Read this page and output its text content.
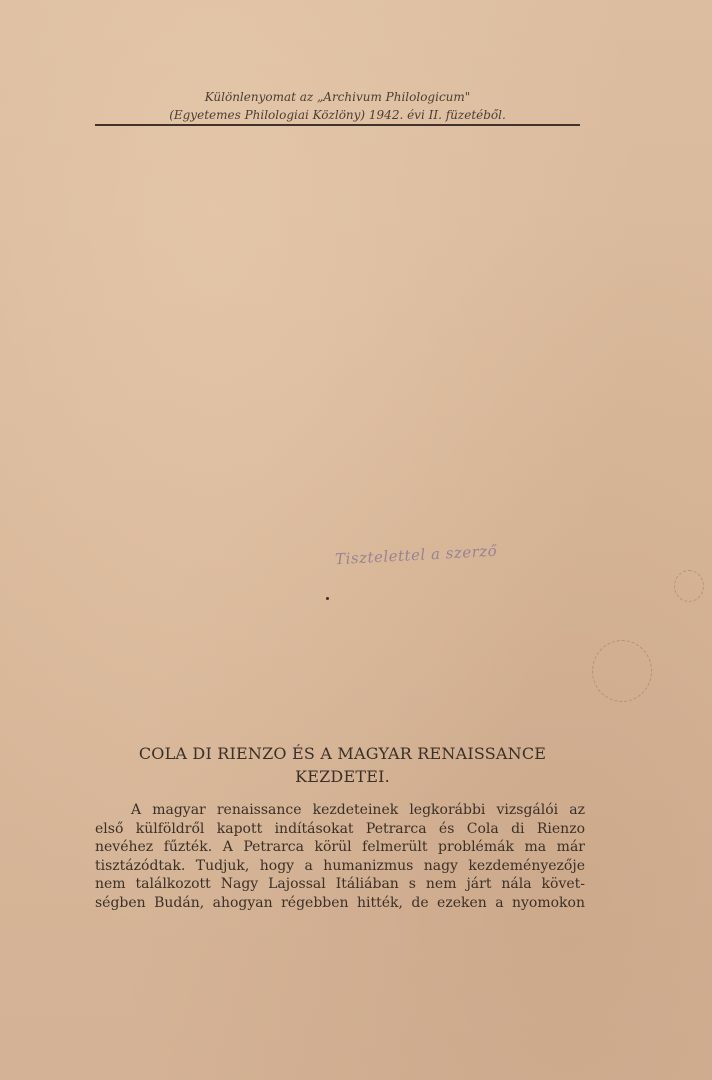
Különlenyomat az „Archivum Philologicum"
(Egyetemes Philologiai Közlöny) 1942. évi II. füzetéből.
Tisztelettel a szerző
COLA DI RIENZO ÉS A MAGYAR RENAISSANCE
KEZDETEI.
A magyar renaissance kezdeteinek legkorábbi vizsgálói az
első külföldről kapott indításokat Petrarca és Cola di Rienzo
nevéhez fűzték. A Petrarca körül felmerült problémák ma már
tisztázódtak. Tudjuk, hogy a humanizmus nagy kezdeményezője
nem találkozott Nagy Lajossal Itáliában s nem járt nála követ-
ségben Budán, ahogyan régebben hitték, de ezeken a nyomokon
